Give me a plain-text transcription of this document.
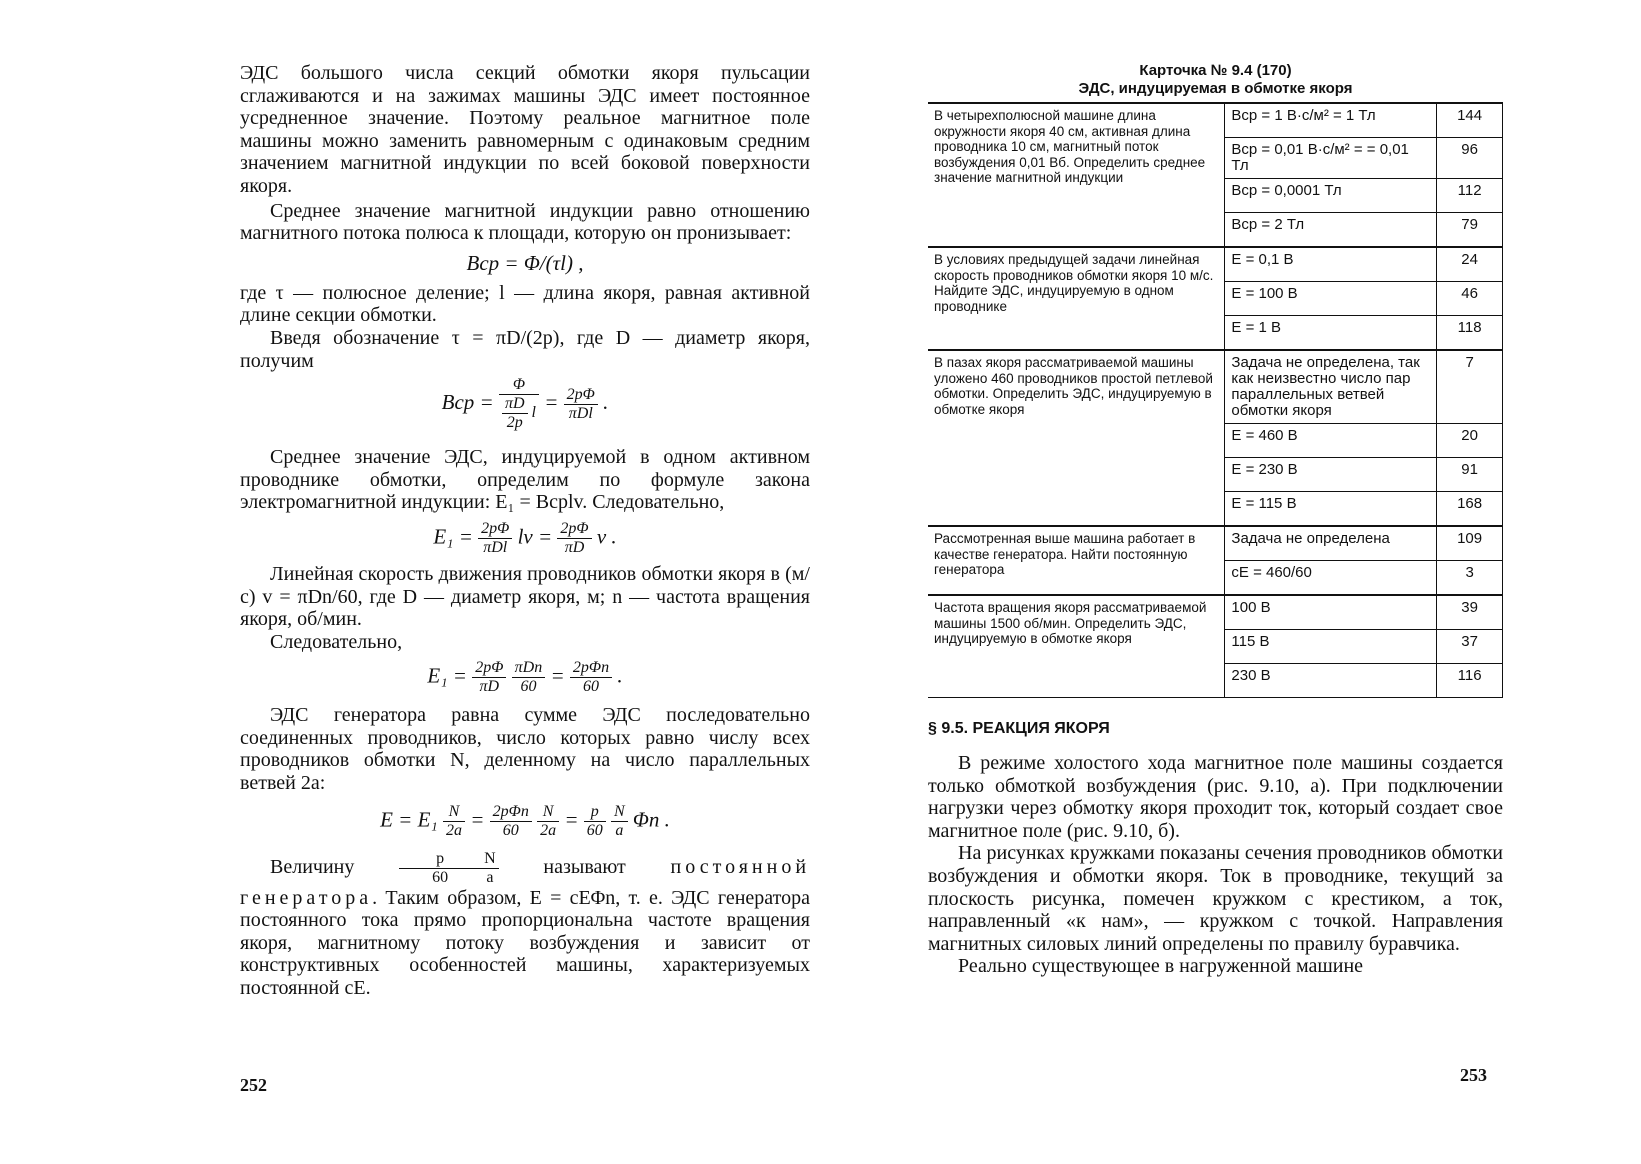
ЭДС большого числа секций обмотки якоря пульсации сглаживаются и на зажимах машины ЭДС имеет постоянное усредненное значение. Поэтому реальное магнитное поле машины можно заменить равномерным с одинаковым средним значением магнитной индукции по всей боковой поверхности якоря.

Среднее значение магнитной индукции равно отношению магнитного потока полюса к площади, которую он пронизывает:

Bср = Φ/(τl) ,

где τ — полюсное деление; l — длина якоря, равная активной длине секции обмотки.

Введя обозначение τ = πD/(2p), где D — диаметр якоря, получим

Bср = $\frac{\Phi}{\frac{\pi D}{2p} l} = \frac{2p\Phi}{\text{πDl}}$ .

Среднее значение ЭДС, индуцируемой в одном активном проводнике обмотки, определим по формуле закона электромагнитной индукции: E₁ = Bсрlv. Следовательно,

$E_1 = \frac{2p\Phi}{\text{πDl}}$ lv = $\frac{2p\Phi}{\pi D}$ v .

Линейная скорость движения проводников обмотки якоря в (м/с) v = πDn/60, где D — диаметр якоря, м; n — частота вращения якоря, об/мин.

Следовательно,

$E_1 = \frac{2p\Phi}{\pi D}$
$\frac{\text{πDn}}{60} = \frac{\text{2pΦn}}{60}$ .

ЭДС генератора равна сумме ЭДС последовательно соединенных проводников, число которых равно числу всех проводников обмотки N, деленному на число параллельных ветвей 2a:

$E = E_1 \frac{N}{2a} = \frac{\text{2pΦn}}{60}$
$\frac{N}{2a} = \frac{p}{60}$
$\frac{N}{a}$ Φn .

Величину	$\frac{p}{60} \frac{N}{a}$ называют постоянной генератора. Таким образом, E = cEΦn, т. е. ЭДС генератора постоянного тока прямо пропорциональна частоте вращения якоря, магнитному потоку возбуждения и зависит от конструктивных особенностей машины, характеризуемых постоянной cE.

252
Карточка № 9.4 (170)
ЭДС, индуцируемая в обмотке якоря
В четырехполюсной машине длина окружности якоря 40 см, активная длина проводника 10 см, магнитный поток возбуждения 0,01 Вб. Определить среднее значение магнитной индукции	Bср = 1 В·с/м² = 1 Тл	144
	Bср = 0,01 В·с/м² = = 0,01 Тл	96
	Bср = 0,0001 Тл	112
	Bср = 2 Тл	79
В условиях предыдущей задачи линейная скорость проводников обмотки якоря 10 м/с. Найдите ЭДС, индуцируемую в одном проводнике	E = 0,1 В	24
	E = 100 В	46
	E = 1 В	118
В пазах якоря рассматриваемой машины уложено 460 проводников простой петлевой обмотки. Определить ЭДС, индуцируемую в обмотке якоря	Задача не определена, так как неизвестно число пар параллельных ветвей обмотки якоря	7
	E = 460 В	20
	E = 230 В	91
	E = 115 В	168
Рассмотренная выше машина работает в качестве генератора. Найти постоянную генератора	Задача не определена	109
	cE = 460/60	3
Частота вращения якоря рассматриваемой машины 1500 об/мин. Определить ЭДС, индуцируемую в обмотке якоря	100 В	39
	115 В	37
	230 В	116
§ 9.5. РЕАКЦИЯ ЯКОРЯ

В режиме холостого хода магнитное поле машины создается только обмоткой возбуждения (рис. 9.10, а). При подключении нагрузки через обмотку якоря проходит ток, который создает свое магнитное поле (рис. 9.10, б).

На рисунках кружками показаны сечения проводников обмотки возбуждения и обмотки якоря. Ток в проводнике, текущий за плоскость рисунка, помечен кружком с крестиком, а ток, направленный «к нам», — кружком с точкой. Направления магнитных силовых линий определены по правилу буравчика.

Реально существующее в нагруженной машине

253
